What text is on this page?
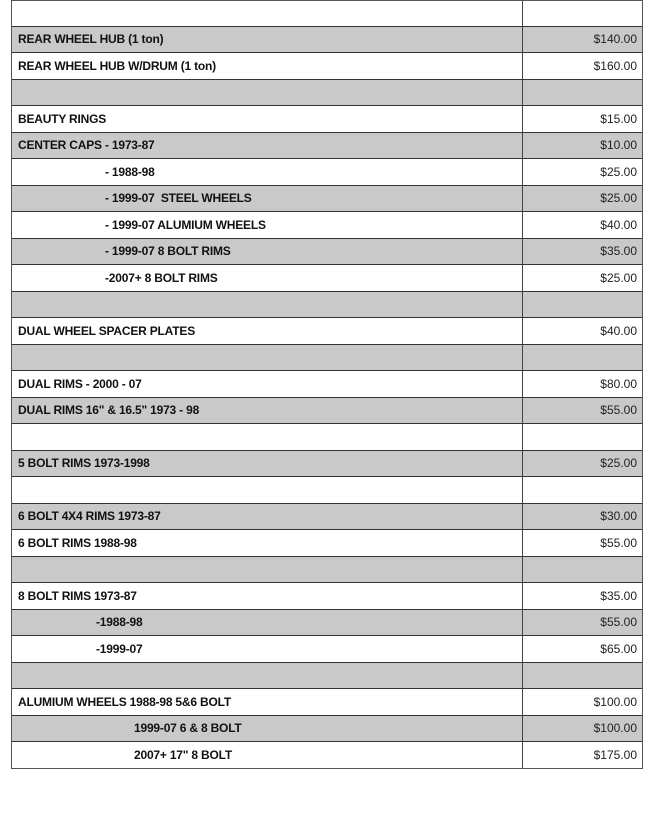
REAR WHEEL HUB (1 ton)	$140.00
REAR WHEEL HUB W/DRUM (1 ton)	$160.00
BEAUTY RINGS	$15.00
CENTER CAPS - 1973-87	$10.00
- 1988-98	$25.00
- 1999-07  STEEL WHEELS	$25.00
- 1999-07 ALUMIUM WHEELS	$40.00
- 1999-07 8 BOLT RIMS	$35.00
-2007+ 8 BOLT RIMS	$25.00
DUAL WHEEL SPACER PLATES	$40.00
DUAL RIMS - 2000 - 07	$80.00
DUAL RIMS 16" & 16.5" 1973 - 98	$55.00
5 BOLT RIMS 1973-1998	$25.00
6 BOLT 4X4 RIMS 1973-87	$30.00
6 BOLT RIMS 1988-98	$55.00
8 BOLT RIMS 1973-87	$35.00
-1988-98	$55.00
-1999-07	$65.00
ALUMIUM WHEELS 1988-98 5&6 BOLT	$100.00
1999-07 6 & 8 BOLT	$100.00
2007+ 17" 8 BOLT	$175.00
